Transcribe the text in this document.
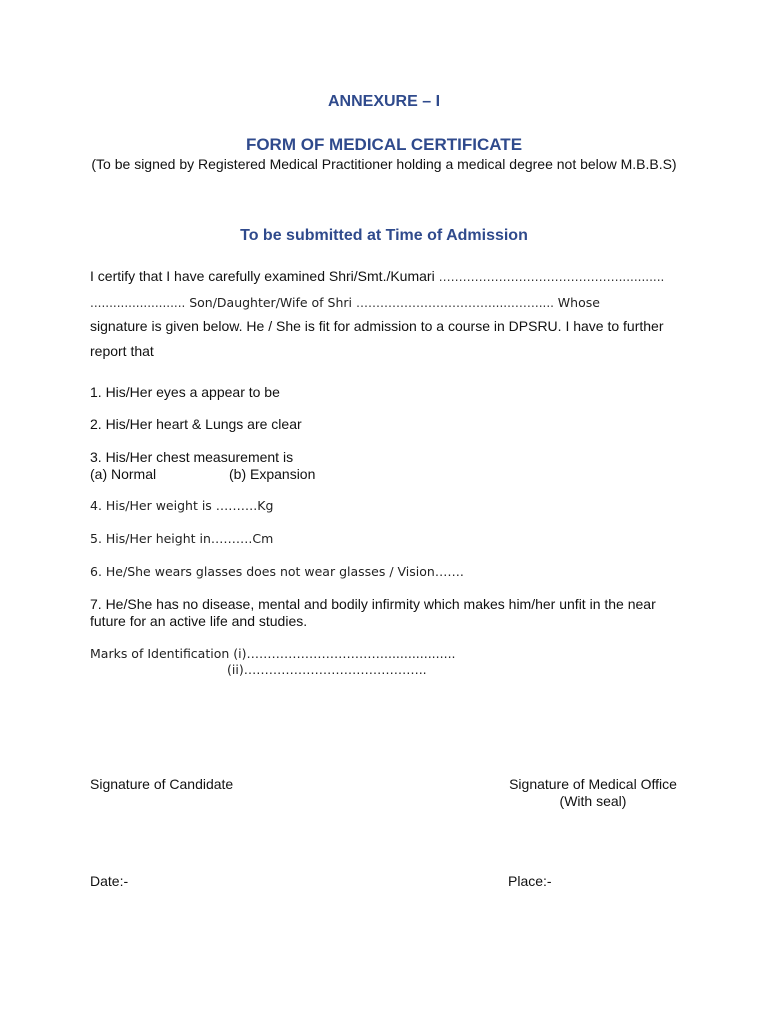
ANNEXURE – I

FORM OF MEDICAL CERTIFICATE

(To be signed by Registered Medical Practitioner holding a medical degree not below M.B.B.S)

To be submitted at Time of Admission

I certify that I have carefully examined Shri/Smt./Kumari ………………………………………............

......................... Son/Daughter/Wife of Shri ……………………………......……..... Whose

signature is given below. He / She is fit for admission to a course in DPSRU. I have to further

report that

1. His/Her eyes a appear to be

2. His/Her heart & Lungs are clear

3. His/Her chest measurement is

(a) Normal	(b) Expansion

4. His/Her weight is ……….Kg

5. His/Her height in……….Cm

6. He/She wears glasses does not wear glasses / Vision…….

7. He/She has no disease, mental and bodily infirmity which makes him/her unfit in the near future for an active life and studies.

Marks of Identification (i)……………………………..................

(ii)……………………………………..

Signature of Candidate	Signature of Medical Office
(With seal)

Date:-	Place:-
